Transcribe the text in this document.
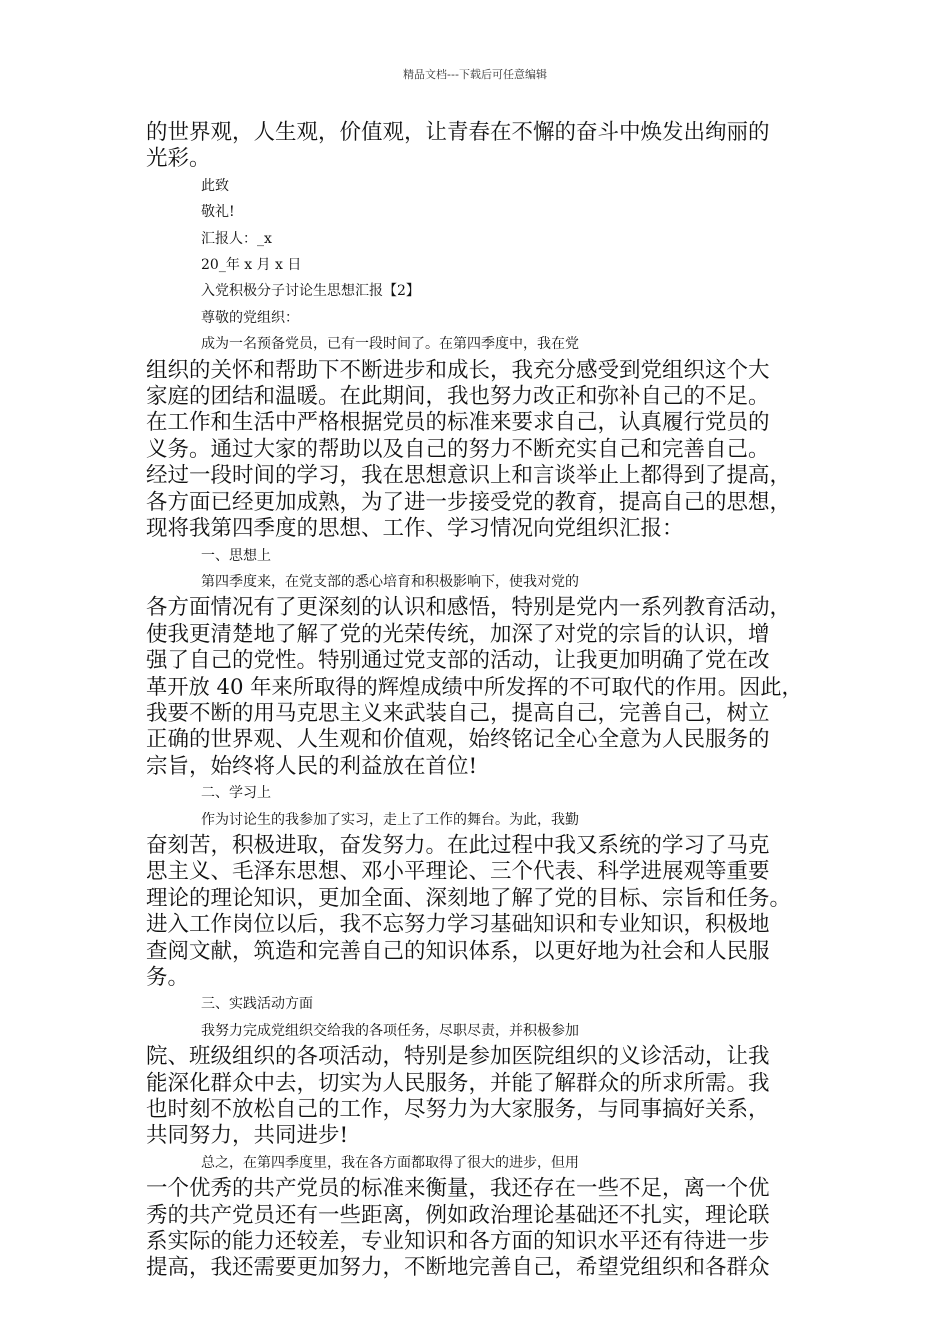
精品文档---下载后可任意编辑

的世界观，人生观，价值观，让青春在不懈的奋斗中焕发出绚丽的

光彩。

此致

敬礼!

汇报人：_x

20_年 x 月 x 日

入党积极分子讨论生思想汇报【2】

尊敬的党组织：

成为一名预备党员，已有一段时间了。在第四季度中，我在党

组织的关怀和帮助下不断进步和成长，我充分感受到党组织这个大

家庭的团结和温暖。在此期间，我也努力改正和弥补自己的不足。

在工作和生活中严格根据党员的标准来要求自己，认真履行党员的

义务。通过大家的帮助以及自己的努力不断充实自己和完善自己。

经过一段时间的学习，我在思想意识上和言谈举止上都得到了提高，

各方面已经更加成熟，为了进一步接受党的教育，提高自己的思想，

现将我第四季度的思想、工作、学习情况向党组织汇报：

一、思想上

第四季度来，在党支部的悉心培育和积极影响下，使我对党的

各方面情况有了更深刻的认识和感悟，特别是党内一系列教育活动，

使我更清楚地了解了党的光荣传统，加深了对党的宗旨的认识，增

强了自己的党性。特别通过党支部的活动，让我更加明确了党在改

革开放 40 年来所取得的辉煌成绩中所发挥的不可取代的作用。因此，

我要不断的用马克思主义来武装自己，提高自己，完善自己，树立

正确的世界观、人生观和价值观，始终铭记全心全意为人民服务的

宗旨，始终将人民的利益放在首位!

二、学习上

作为讨论生的我参加了实习，走上了工作的舞台。为此，我勤

奋刻苦，积极进取，奋发努力。在此过程中我又系统的学习了马克

思主义、毛泽东思想、邓小平理论、三个代表、科学进展观等重要

理论的理论知识，更加全面、深刻地了解了党的目标、宗旨和任务。

进入工作岗位以后，我不忘努力学习基础知识和专业知识，积极地

查阅文献，筑造和完善自己的知识体系，以更好地为社会和人民服

务。

三、实践活动方面

我努力完成党组织交给我的各项任务，尽职尽责，并积极参加

院、班级组织的各项活动，特别是参加医院组织的义诊活动，让我

能深化群众中去，切实为人民服务，并能了解群众的所求所需。我

也时刻不放松自己的工作，尽努力为大家服务，与同事搞好关系，

共同努力，共同进步!

总之，在第四季度里，我在各方面都取得了很大的进步，但用

一个优秀的共产党员的标准来衡量，我还存在一些不足，离一个优

秀的共产党员还有一些距离，例如政治理论基础还不扎实，理论联

系实际的能力还较差，专业知识和各方面的知识水平还有待进一步

提高，我还需要更加努力，不断地完善自己，希望党组织和各群众
